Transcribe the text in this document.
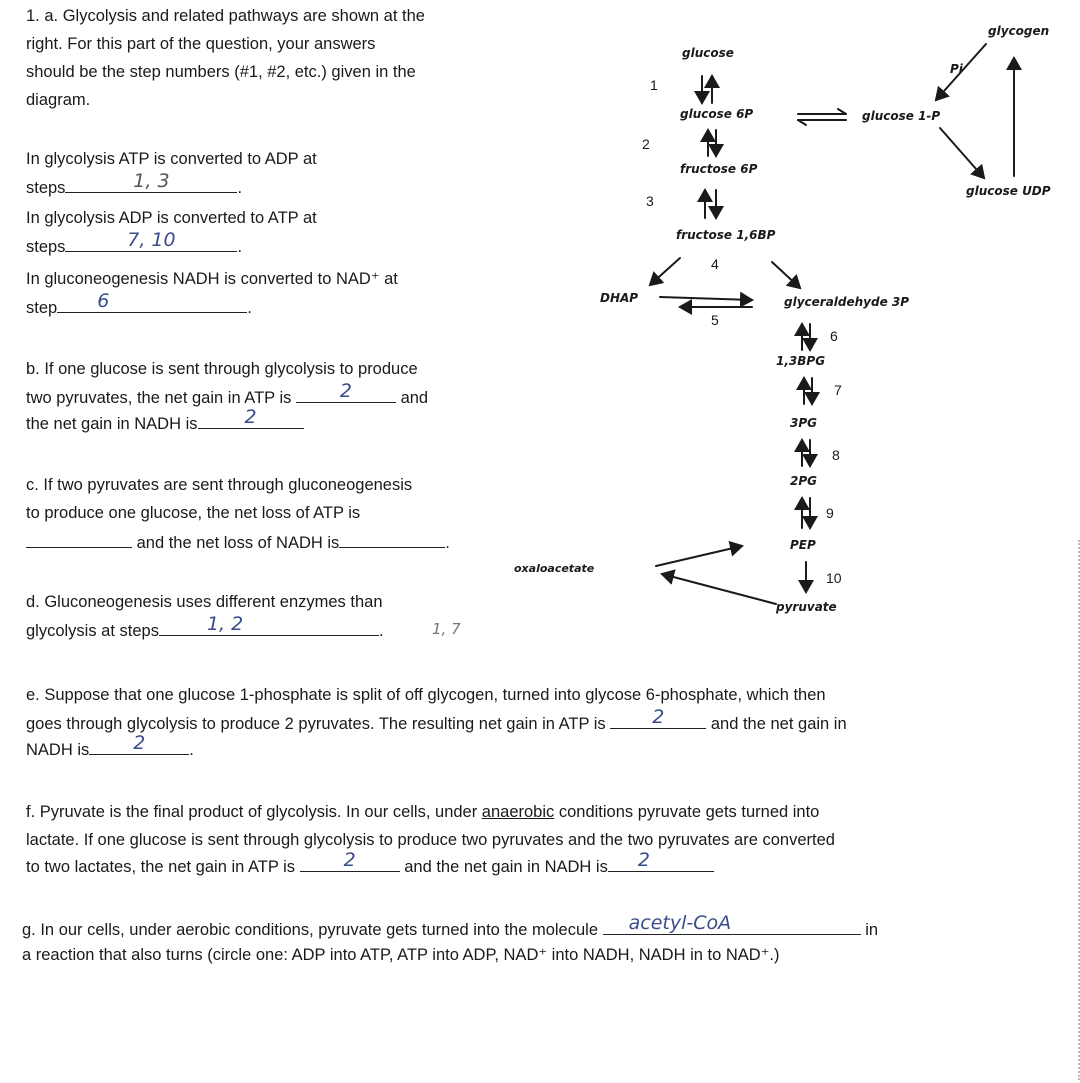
1. a. Glycolysis and related pathways are shown at the
right. For this part of the question, your answers
should be the step numbers (#1, #2, etc.) given in the
diagram.
In glycolysis ATP is converted to ADP at
steps	1, 3	.
In glycolysis ADP is converted to ATP at
steps	7, 10	.
In gluconeogenesis NADH is converted to NAD⁺ at
step	6	.
b. If one glucose is sent through glycolysis to produce
two pyruvates, the net gain in ATP is	2	and
the net gain in NADH is	2
c. If two pyruvates are sent through gluconeogenesis
to produce one glucose, the net loss of ATP is
and the net loss of NADH is	.
d. Gluconeogenesis uses different enzymes than
glycolysis at steps	1, 2	.	1, 7
e. Suppose that one glucose 1-phosphate is split of off glycogen, turned into glycose 6-phosphate, which then
goes through glycolysis to produce 2 pyruvates. The resulting net gain in ATP is	2	and the net gain in
NADH is	2	.
f. Pyruvate is the final product of glycolysis. In our cells, under anaerobic conditions pyruvate gets turned into
lactate. If one glucose is sent through glycolysis to produce two pyruvates and the two pyruvates are converted
to two lactates, the net gain in ATP is	2	and the net gain in NADH is	2
g. In our cells, under aerobic conditions, pyruvate gets turned into the molecule	acetyl-CoA	in
a reaction that also turns (circle one: ADP into ATP, ATP into ADP, NAD⁺ into NADH, NADH in to NAD⁺.)
glucose
glucose 6P
fructose 6P
fructose 1,6BP
DHAP	glyceraldehyde 3P
1,3BPG
3PG
2PG
PEP
pyruvate
oxaloacetate
glucose 1-P
glycogen
glucose UDP
Pi
1
2
3
4
5
6
7
8
9
10
